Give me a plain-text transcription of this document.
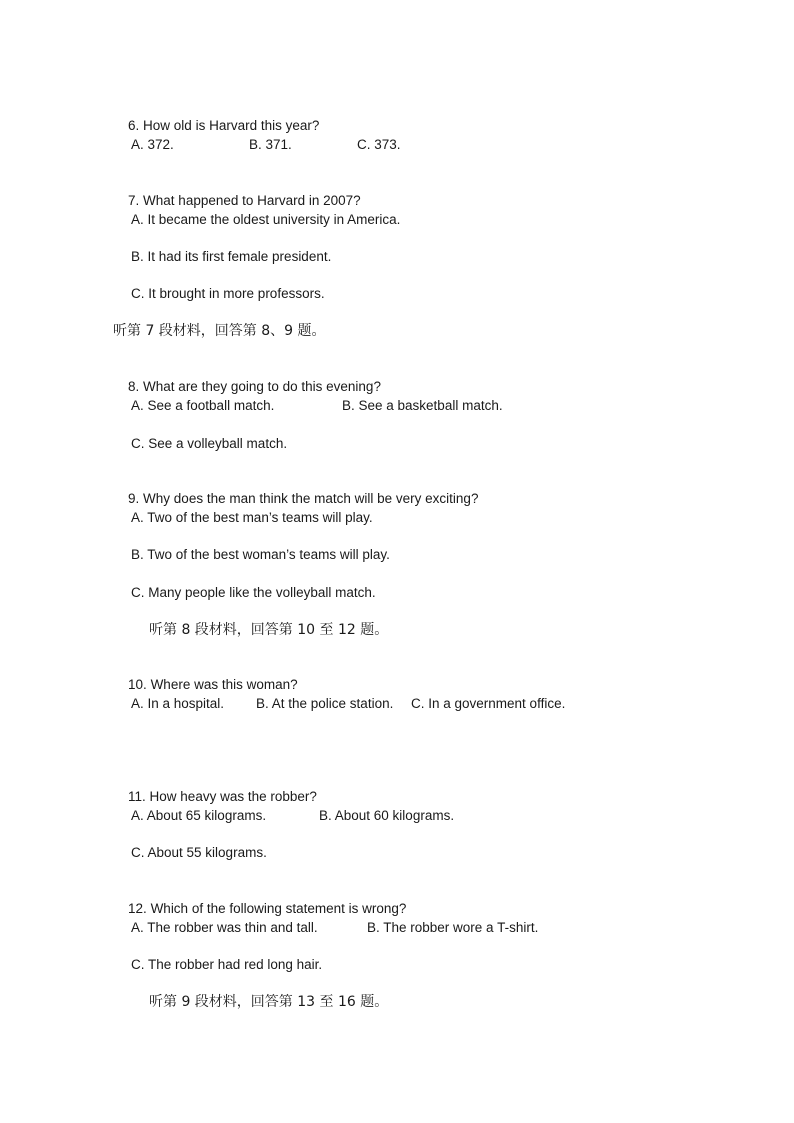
6. How old is Harvard this year?

A. 372.	B. 371.	C. 373.

7. What happened to Harvard in 2007?

A. It became the oldest university in America.
B. It had its first female president.
C. It brought in more professors.
听第 7 段材料，回答第 8、9 题。

8. What are they going to do this evening?

A. See a football match.	B. See a basketball match.
C. See a volleyball match.

9. Why does the man think the match will be very exciting?

A. Two of the best man’s teams will play.
B. Two of the best woman’s teams will play.
C. Many people like the volleyball match.
听第 8 段材料，回答第 10 至 12 题。

10. Where was this woman?

A. In a hospital. B. At the police station. C. In a government office.

11. How heavy was the robber?

A. About 65 kilograms.	B. About 60 kilograms.
C. About 55 kilograms.

12. Which of the following statement is wrong?

A. The robber was thin and tall.	B. The robber wore a T-shirt.
C. The robber had red long hair.
听第 9 段材料，回答第 13 至 16 题。
